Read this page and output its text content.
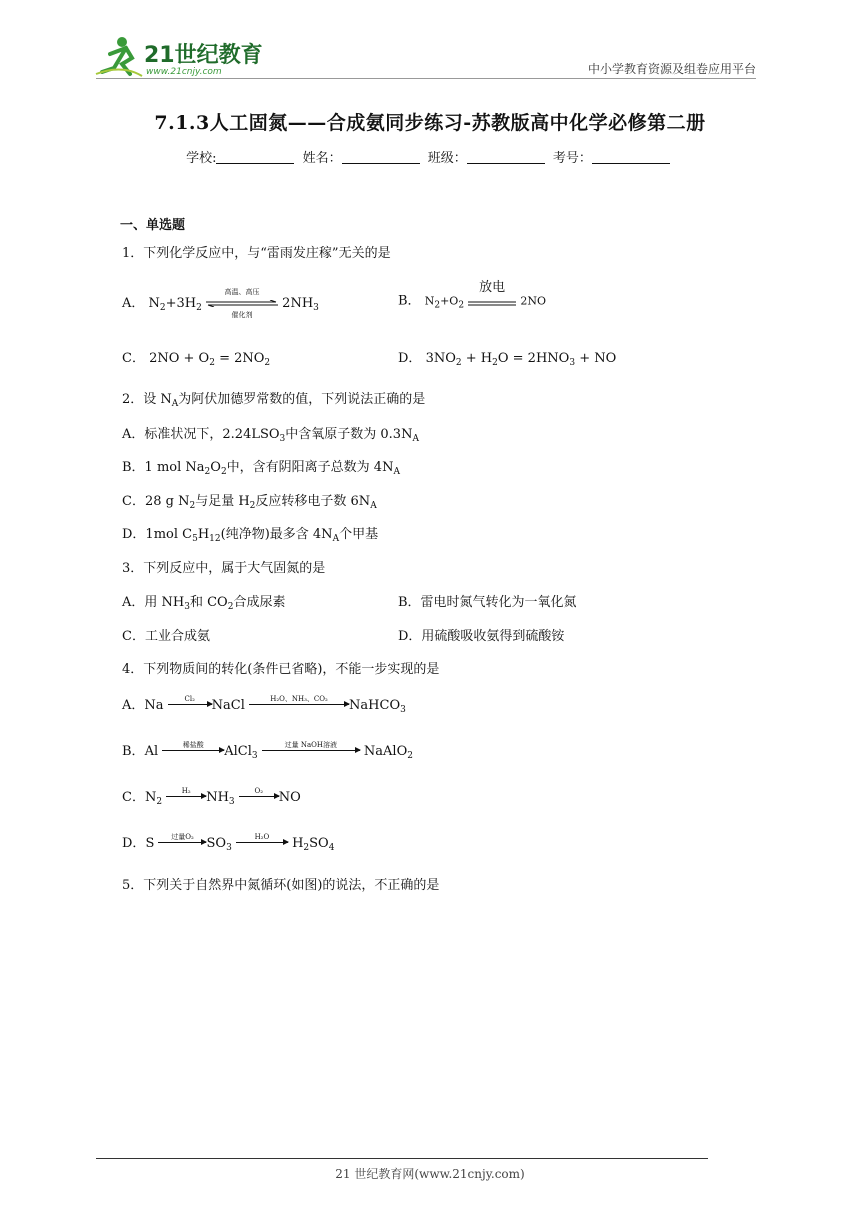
21世纪教育
www.21cnjy.com	中小学教育资源及组卷应用平台
7.1.3人工固氮——合成氨同步练习-苏教版高中化学必修第二册
学校:	姓名：	班级：	考号：
一、单选题
1．下列化学反应中，与“雷雨发庄稼”无关的是
A． $N_2+3H_2$
高温、高压
催化剂
$2NH_3$	B． $N_2+O_2$
放电
2NO
C． $2NO + O_2 = 2NO_2$	D． $3NO_2 + H_2O = 2HNO_3$ + NO
2．设 $N_A$为阿伏加德罗常数的值，下列说法正确的是
A．标准状况下，$2.24LSO_3$中含氧原子数为 $0.3N_A$
B．1 mol $Na_2O_2$中，含有阴阳离子总数为 $4N_A$
C．28 g $N_2$与足量 $H_2$反应转移电子数 $6N_A$
D．1mol $C_5H_{12}$(纯净物)最多含 $4N_A$个甲基
3．下列反应中，属于大气固氮的是
A．用 $NH_3$和 $CO_2$合成尿素	B．雷电时氮气转化为一氧化氮
C．工业合成氨	D．用硫酸吸收氨得到硫酸铵
4．下列物质间的转化(条件已省略)，不能一步实现的是
A．Na	Cl₂	NaCl	H₂O、NH₃、CO₂	NaHCO$_3$
B．Al	稀盐酸	AlCl$_3$
过量 NaOH溶液	NaAlO$_2$
C．$N_2$
H₂	$NH_3$
O₂	NO
D．S	过量O₂ $SO_3$
H₂O	$H_2SO_4$
5．下列关于自然界中氮循环(如图)的说法，不正确的是
21 世纪教育网(www.21cnjy.com)
